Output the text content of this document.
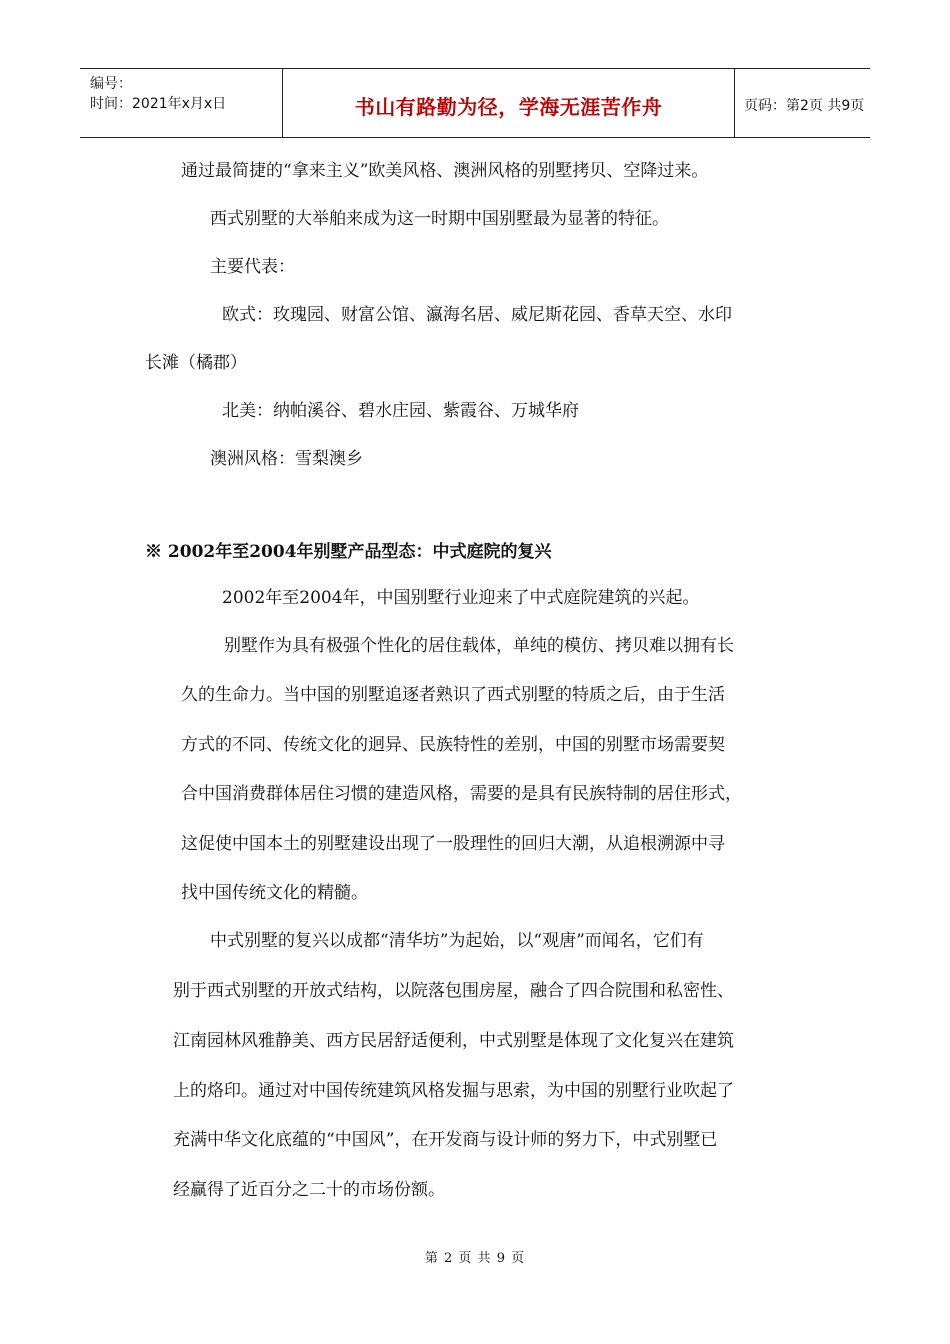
编号：
时间：2021年x月x日	书山有路勤为径，学海无涯苦作舟	页码：第2页 共9页
通过最简捷的“拿来主义”欧美风格、澳洲风格的别墅拷贝、空降过来。
西式别墅的大举舶来成为这一时期中国别墅最为显著的特征。
主要代表：
欧式：玫瑰园、财富公馆、瀛海名居、威尼斯花园、香草天空、水印
长滩（橘郡）
北美：纳帕溪谷、碧水庄园、紫霞谷、万城华府
澳洲风格：雪梨澳乡
※ 2002年至2004年别墅产品型态：中式庭院的复兴
2002年至2004年，中国别墅行业迎来了中式庭院建筑的兴起。
别墅作为具有极强个性化的居住载体，单纯的模仿、拷贝难以拥有长
久的生命力。当中国的别墅追逐者熟识了西式别墅的特质之后，由于生活
方式的不同、传统文化的迥异、民族特性的差别，中国的别墅市场需要契
合中国消费群体居住习惯的建造风格，需要的是具有民族特制的居住形式，
这促使中国本土的别墅建设出现了一股理性的回归大潮，从追根溯源中寻
找中国传统文化的精髓。
中式别墅的复兴以成都“清华坊”为起始，以“观唐”而闻名，它们有
别于西式别墅的开放式结构，以院落包围房屋，融合了四合院围和私密性、
江南园林风雅静美、西方民居舒适便利，中式别墅是体现了文化复兴在建筑
上的烙印。通过对中国传统建筑风格发掘与思索，为中国的别墅行业吹起了
充满中华文化底蕴的“中国风”，在开发商与设计师的努力下，中式别墅已
经赢得了近百分之二十的市场份额。
第 2 页 共 9 页
